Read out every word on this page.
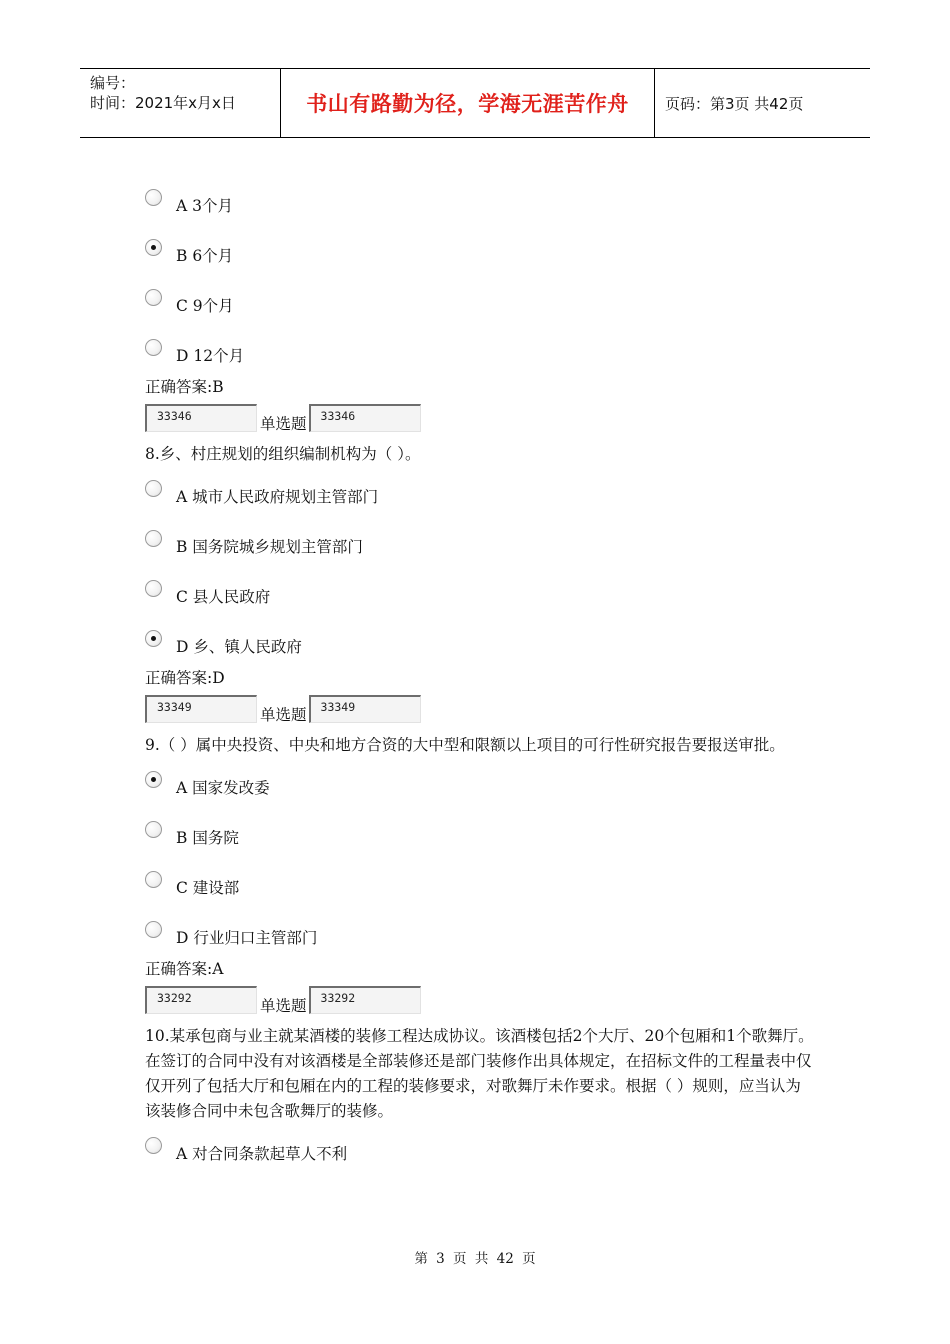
编号：
时间：2021年x月x日	书山有路勤为径，学海无涯苦作舟	页码：第3页 共42页
A 3个月
B 6个月
C 9个月
D 12个月
正确答案:B
33346	单选题	33346
8.乡、村庄规划的组织编制机构为（ ）。
A 城市人民政府规划主管部门
B 国务院城乡规划主管部门
C 县人民政府
D 乡、镇人民政府
正确答案:D
33349	单选题	33349
9.（ ）属中央投资、中央和地方合资的大中型和限额以上项目的可行性研究报告要报送审批。
A 国家发改委
B 国务院
C 建设部
D 行业归口主管部门
正确答案:A
33292	单选题	33292
10.某承包商与业主就某酒楼的装修工程达成协议。该酒楼包括2个大厅、20个包厢和1个歌舞厅。在签订的合同中没有对该酒楼是全部装修还是部门装修作出具体规定，在招标文件的工程量表中仅仅开列了包括大厅和包厢在内的工程的装修要求，对歌舞厅未作要求。根据（ ）规则，应当认为该装修合同中未包含歌舞厅的装修。
A 对合同条款起草人不利
第 3 页 共 42 页
